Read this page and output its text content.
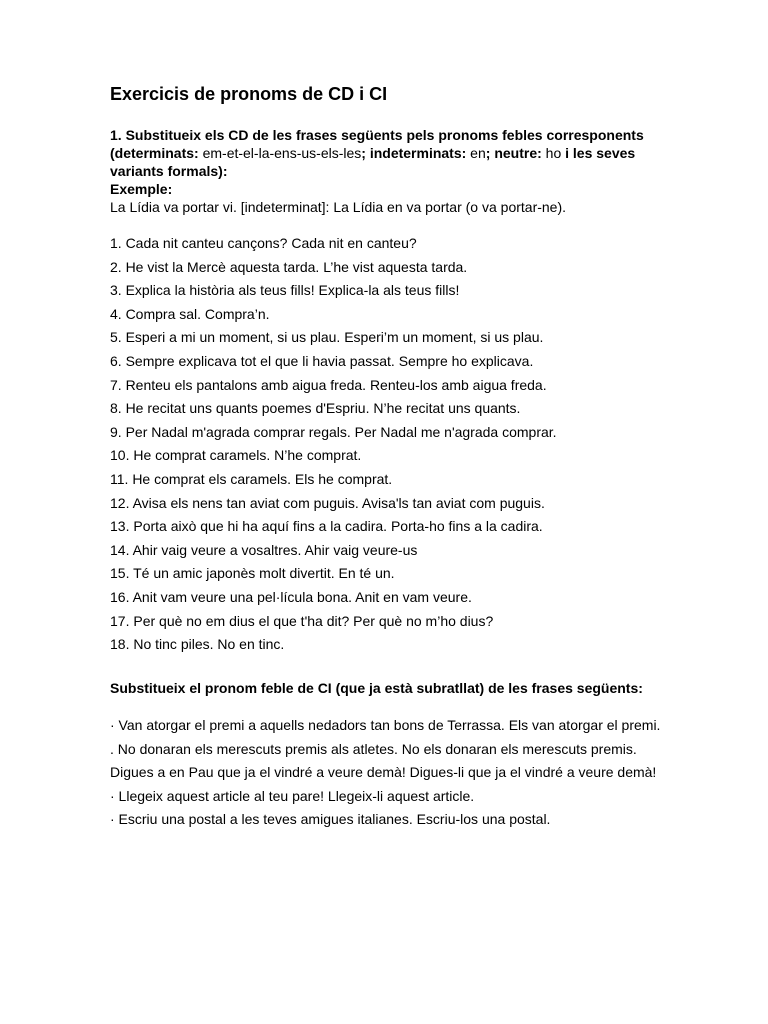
Exercicis de pronoms de CD i CI

1. Substitueix els CD de les frases següents pels pronoms febles corresponents (determinats: em-et-el-la-ens-us-els-les; indeterminats: en; neutre: ho i les seves variants formals):

Exemple:
La Lídia va portar vi. [indeterminat]: La Lídia en va portar (o va portar-ne).
1. Cada nit canteu cançons? Cada nit en canteu?
2. He vist la Mercè aquesta tarda. L’he vist aquesta tarda.
3. Explica la història als teus fills! Explica-la als teus fills!
4. Compra sal. Compra’n.
5. Esperi a mi un moment, si us plau. Esperi’m un moment, si us plau.
6. Sempre explicava tot el que li havia passat. Sempre ho explicava.
7. Renteu els pantalons amb aigua freda. Renteu-los amb aigua freda.
8. He recitat uns quants poemes d'Espriu. N’he recitat uns quants.
9. Per Nadal m'agrada comprar regals. Per Nadal me n'agrada comprar.
10. He comprat caramels. N’he comprat.
11. He comprat els caramels. Els he comprat.
12. Avisa els nens tan aviat com puguis. Avisa'ls tan aviat com puguis.
13. Porta això que hi ha aquí fins a la cadira. Porta-ho fins a la cadira.
14. Ahir vaig veure a vosaltres. Ahir vaig veure-us
15. Té un amic japonès molt divertit. En té un.
16. Anit vam veure una pel·lícula bona. Anit en vam veure.
17. Per què no em dius el que t'ha dit? Per què no m’ho dius?
18. No tinc piles. No en tinc.

Substitueix el pronom feble de CI (que ja està subratllat) de les frases següents:

· Van atorgar el premi a aquells nedadors tan bons de Terrassa. Els van atorgar el premi.
. No donaran els merescuts premis als atletes. No els donaran els merescuts premis.
Digues a en Pau que ja el vindré a veure demà! Digues-li que ja el vindré a veure demà!
· Llegeix aquest article al teu pare! Llegeix-li aquest article.
· Escriu una postal a les teves amigues italianes. Escriu-los una postal.
